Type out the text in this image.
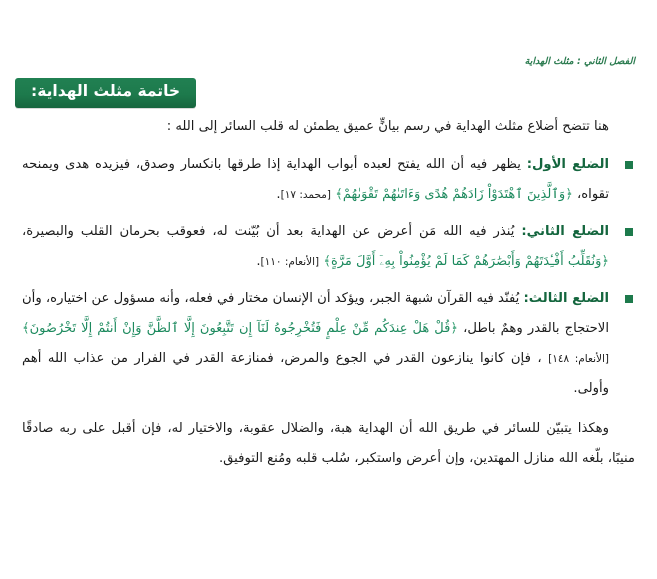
الفصل الثاني : مثلث الهداية
خاتمة مثلث الهداية:

هنا تتضح أضلاع مثلث الهداية في رسم بيانٍّ عميق يطمئن له قلب السائر إلى الله :

الضلع الأول: يظهر فيه أن الله يفتح لعبده أبواب الهداية إذا طرقها بانكسار وصدق، فيزيده هدى ويمنحه تقواه، ﴿وَٱلَّذِينَ ٱهْتَدَوْاْ زَادَهُمْ هُدًى وَءَاتَىٰهُمْ تَقْوَىٰهُمْ﴾ [محمد: ١٧].

الضلع الثاني: يُنذر فيه الله مَن أعرض عن الهداية بعد أن بُيّنت له، فعوقب بحرمان القلب والبصيرة، ﴿وَنُقَلِّبُ أَفْـِٔدَتَهُمْ وَأَبْصَٰرَهُمْ كَمَا لَمْ يُؤْمِنُواْ بِهِۦٓ أَوَّلَ مَرَّةٍ﴾ [الأنعام: ١١٠].

الضلع الثالث: يُفنّد فيه القرآن شبهة الجبر، ويؤكد أن الإنسان مختار في فعله، وأنه مسؤول عن اختياره، وأن الاحتجاج بالقدر وهمٌ باطل، ﴿قُلْ هَلْ عِندَكُم مِّنْ عِلْمٍ فَتُخْرِجُوهُ لَنَآ إِن تَتَّبِعُونَ إِلَّا ٱلظَّنَّ وَإِنْ أَنتُمْ إِلَّا تَخْرُصُونَ﴾ [الأنعام: ١٤٨] ، فإن كانوا ينازعون القدر في الجوع والمرض، فمنازعة القدر في الفرار من عذاب الله أهم وأولى.

وهكذا يتبيّن للسائر في طريق الله أن الهداية هبة، والضلال عقوبة، والاختيار له، فإن أقبل على ربه صادقًا منيبًا، بلّغه الله منازل المهتدين، وإن أعرض واستكبر، سُلب قلبه ومُنع التوفيق.
